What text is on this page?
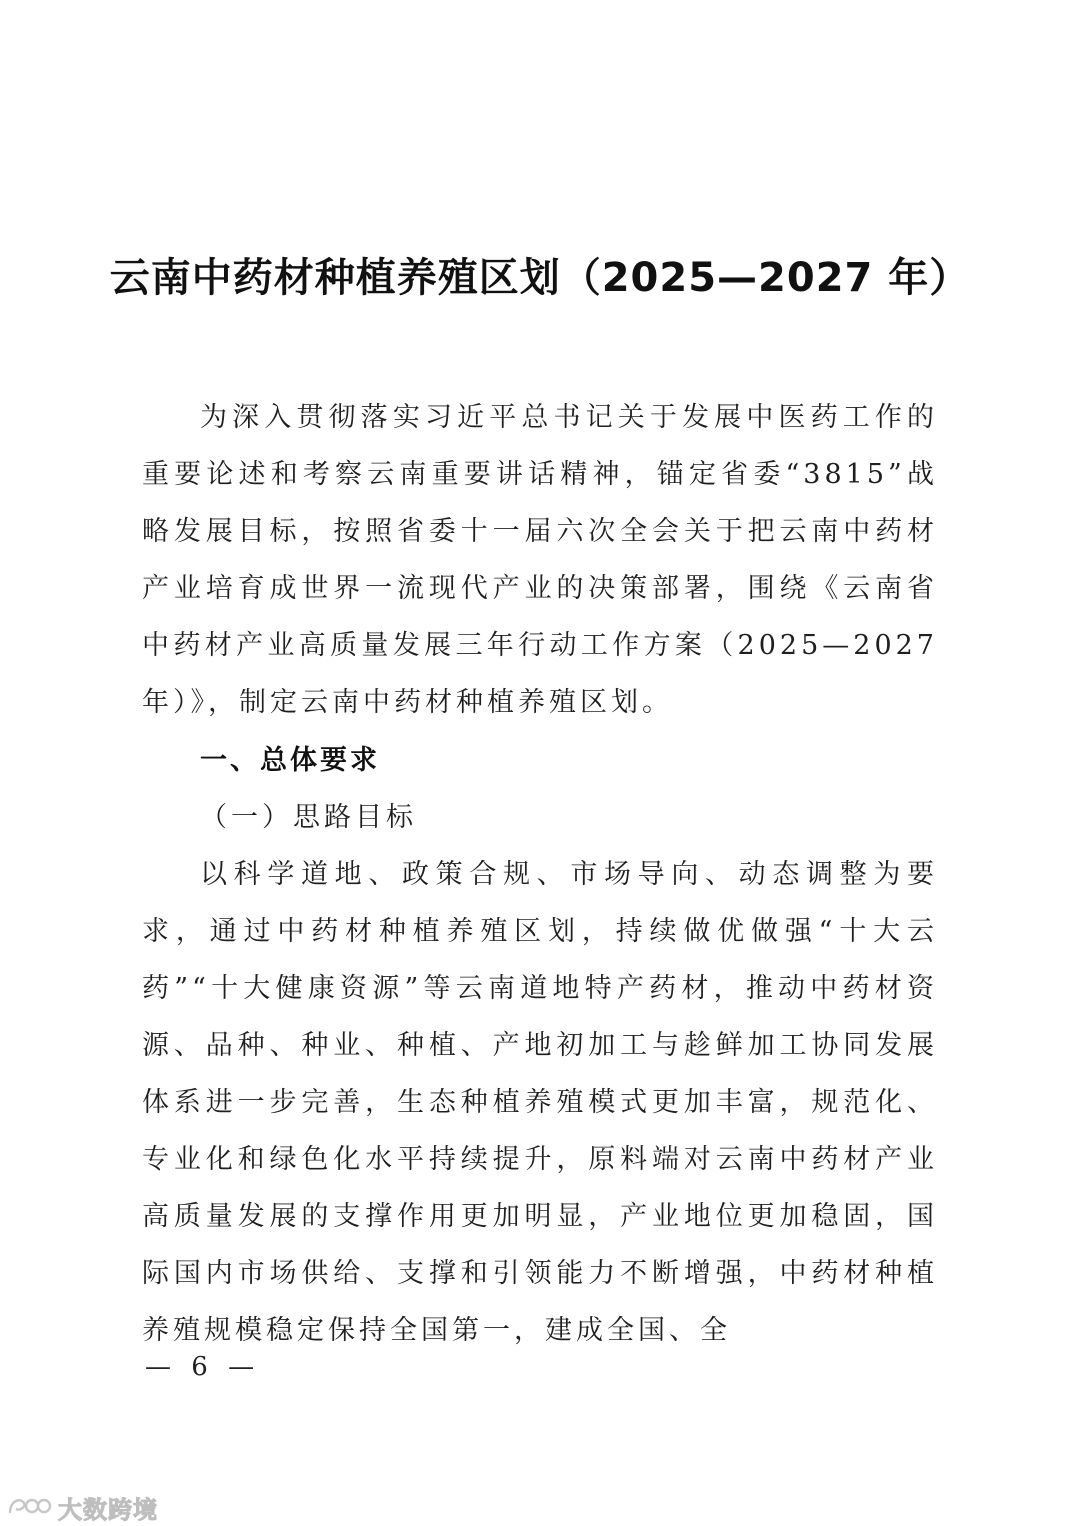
云南中药材种植养殖区划（2025—2027 年）
为深入贯彻落实习近平总书记关于发展中医药工作的重要论述和考察云南重要讲话精神，锚定省委“3815”战略发展目标，按照省委十一届六次全会关于把云南中药材产业培育成世界一流现代产业的决策部署，围绕《云南省中药材产业高质量发展三年行动工作方案（2025—2027 年）》，制定云南中药材种植养殖区划。
一、总体要求
（一）思路目标
以科学道地、政策合规、市场导向、动态调整为要求，通过中药材种植养殖区划，持续做优做强“十大云药”“十大健康资源”等云南道地特产药材，推动中药材资源、品种、种业、种植、产地初加工与趁鲜加工协同发展体系进一步完善，生态种植养殖模式更加丰富，规范化、专业化和绿色化水平持续提升，原料端对云南中药材产业高质量发展的支撑作用更加明显，产业地位更加稳固，国际国内市场供给、支撑和引领能力不断增强，中药材种植养殖规模稳定保持全国第一，建成全国、全
— 6 —
大数跨境
